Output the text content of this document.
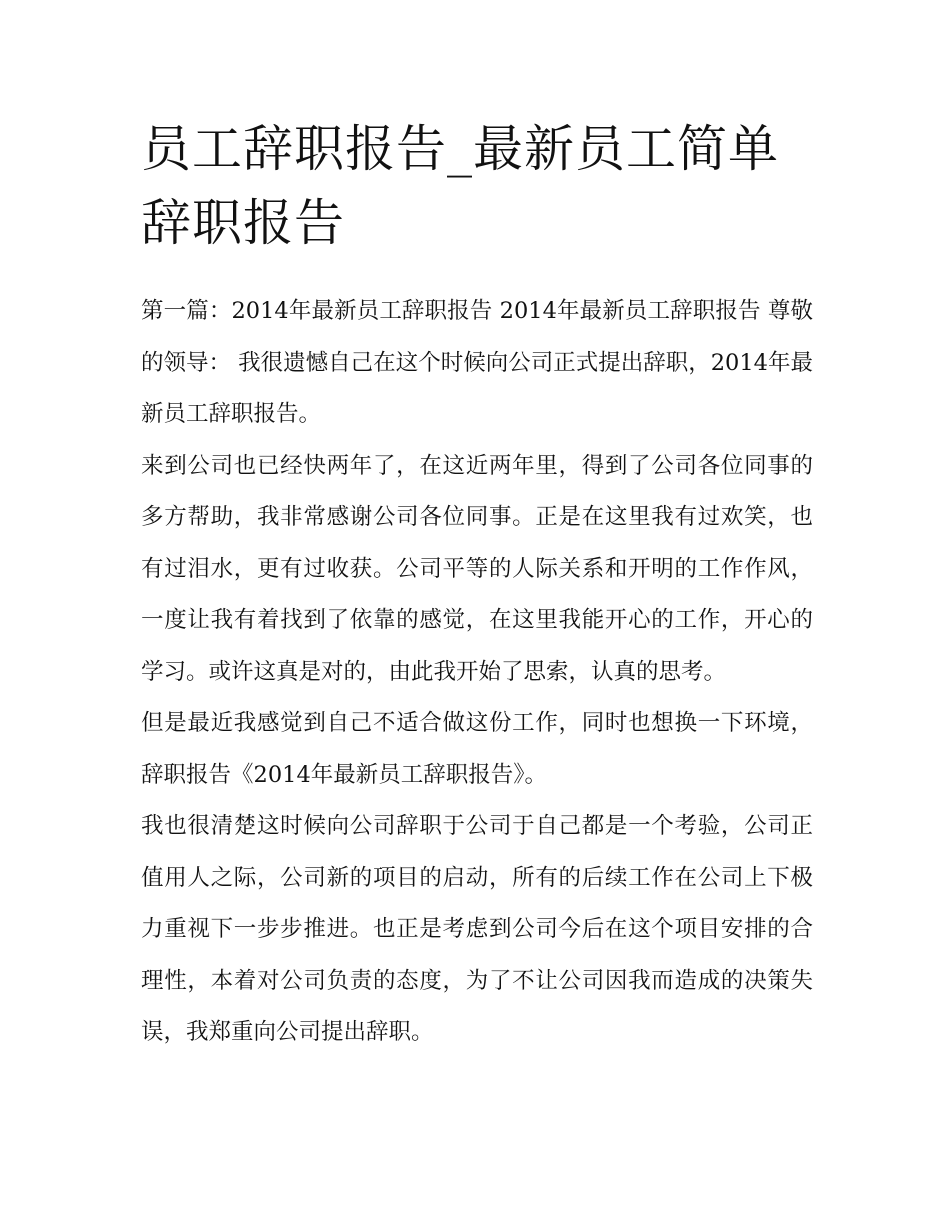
员工辞职报告_最新员工简单辞职报告

第一篇：2014年最新员工辞职报告 2014年最新员工辞职报告 尊敬的领导： 我很遗憾自己在这个时候向公司正式提出辞职，2014年最新员工辞职报告。

来到公司也已经快两年了，在这近两年里，得到了公司各位同事的多方帮助，我非常感谢公司各位同事。正是在这里我有过欢笑，也有过泪水，更有过收获。公司平等的人际关系和开明的工作作风，一度让我有着找到了依靠的感觉，在这里我能开心的工作，开心的学习。或许这真是对的，由此我开始了思索，认真的思考。

但是最近我感觉到自己不适合做这份工作，同时也想换一下环境，辞职报告《2014年最新员工辞职报告》。

我也很清楚这时候向公司辞职于公司于自己都是一个考验，公司正值用人之际，公司新的项目的启动，所有的后续工作在公司上下极力重视下一步步推进。也正是考虑到公司今后在这个项目安排的合理性，本着对公司负责的态度，为了不让公司因我而造成的决策失误，我郑重向公司提出辞职。
